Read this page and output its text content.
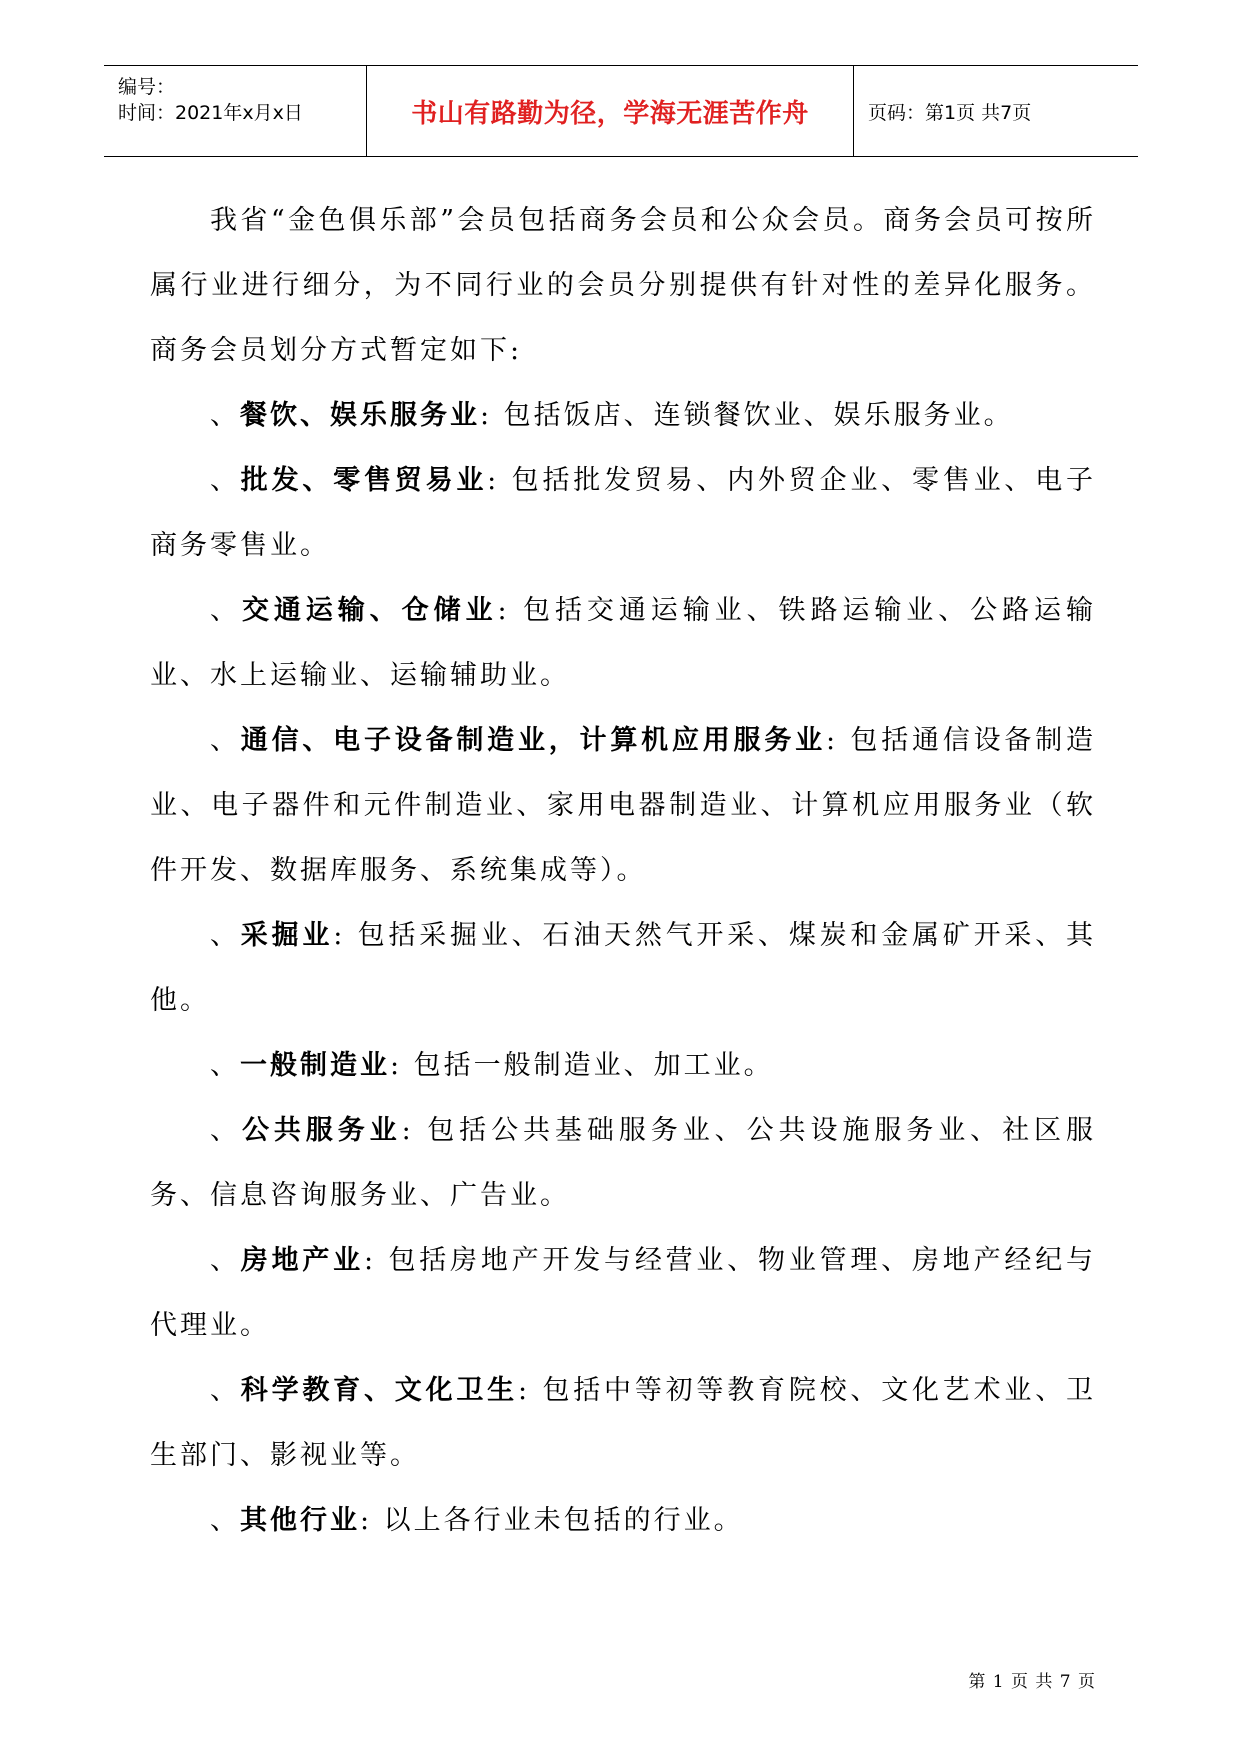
编号：
时间：2021年x月x日	书山有路勤为径，学海无涯苦作舟	页码：第1页 共7页

我省“金色俱乐部”会员包括商务会员和公众会员。商务会员可按所属行业进行细分，为不同行业的会员分别提供有针对性的差异化服务。商务会员划分方式暂定如下:

、餐饮、娱乐服务业: 包括饭店、连锁餐饮业、娱乐服务业。

、批发、零售贸易业: 包括批发贸易、内外贸企业、零售业、电子商务零售业。

、交通运输、仓储业: 包括交通运输业、铁路运输业、公路运输业、水上运输业、运输辅助业。

、通信、电子设备制造业，计算机应用服务业: 包括通信设备制造业、电子器件和元件制造业、家用电器制造业、计算机应用服务业（软件开发、数据库服务、系统集成等）。

、采掘业: 包括采掘业、石油天然气开采、煤炭和金属矿开采、其他。

、一般制造业: 包括一般制造业、加工业。

、公共服务业: 包括公共基础服务业、公共设施服务业、社区服务、信息咨询服务业、广告业。

、房地产业: 包括房地产开发与经营业、物业管理、房地产经纪与代理业。

、科学教育、文化卫生: 包括中等初等教育院校、文化艺术业、卫生部门、影视业等。

、其他行业: 以上各行业未包括的行业。

第 1 页 共 7 页
